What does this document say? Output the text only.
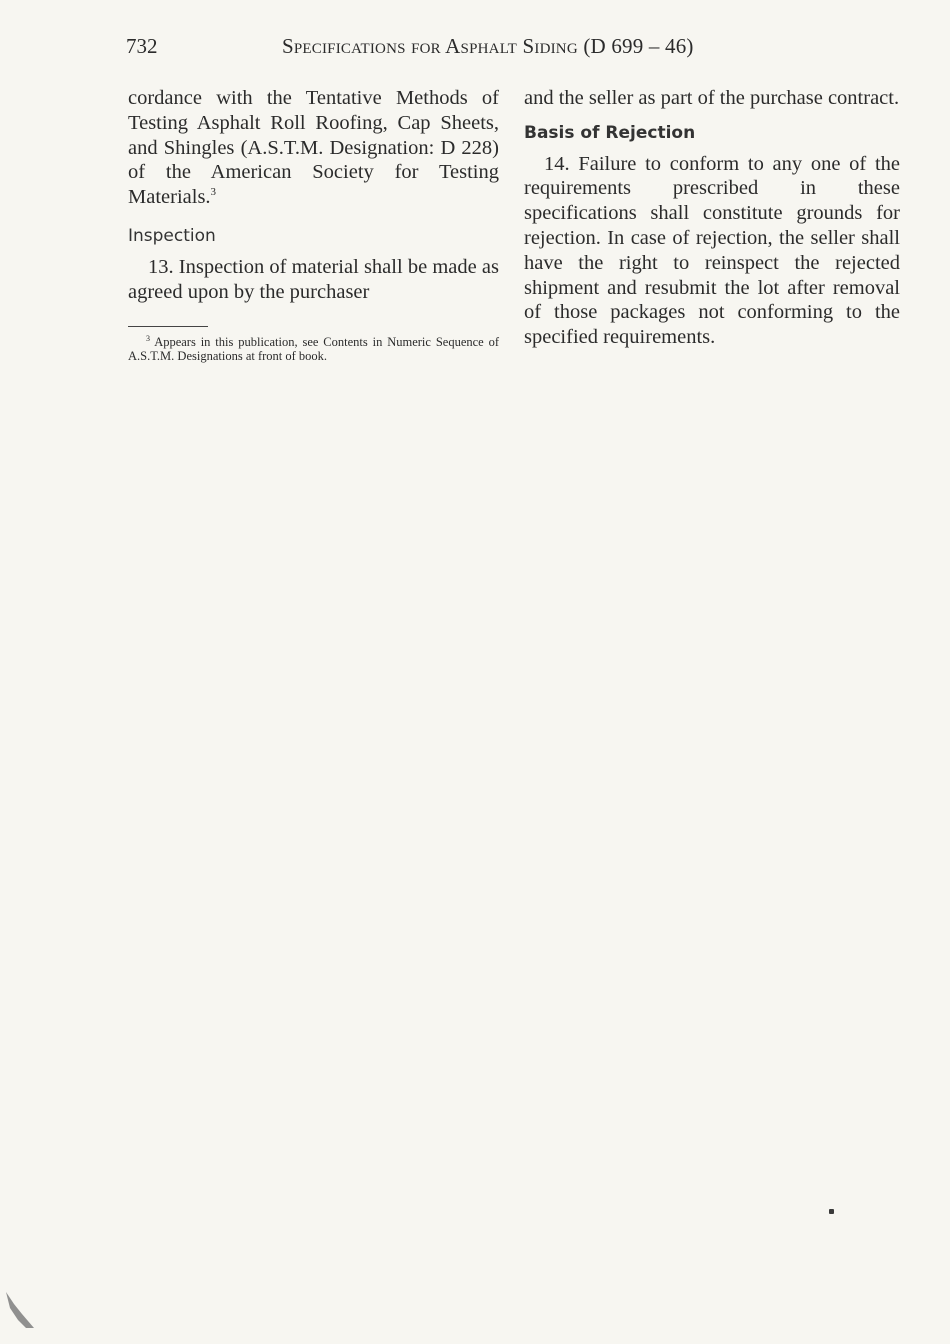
732	Specifications for Asphalt Siding (D 699 – 46)

cordance with the Tentative Methods of Testing Asphalt Roll Roofing, Cap Sheets, and Shingles (A.S.T.M. Designation: D 228) of the American Society for Testing Materials.$^3$

Inspection

13. Inspection of material shall be made as agreed upon by the purchaser

$^3$ Appears in this publication, see Contents in Numeric Sequence of A.S.T.M. Designations at front of book.

and the seller as part of the purchase contract.

Basis of Rejection

14. Failure to conform to any one of the requirements prescribed in these specifications shall constitute grounds for rejection. In case of rejection, the seller shall have the right to reinspect the rejected shipment and resubmit the lot after removal of those packages not conforming to the specified requirements.
